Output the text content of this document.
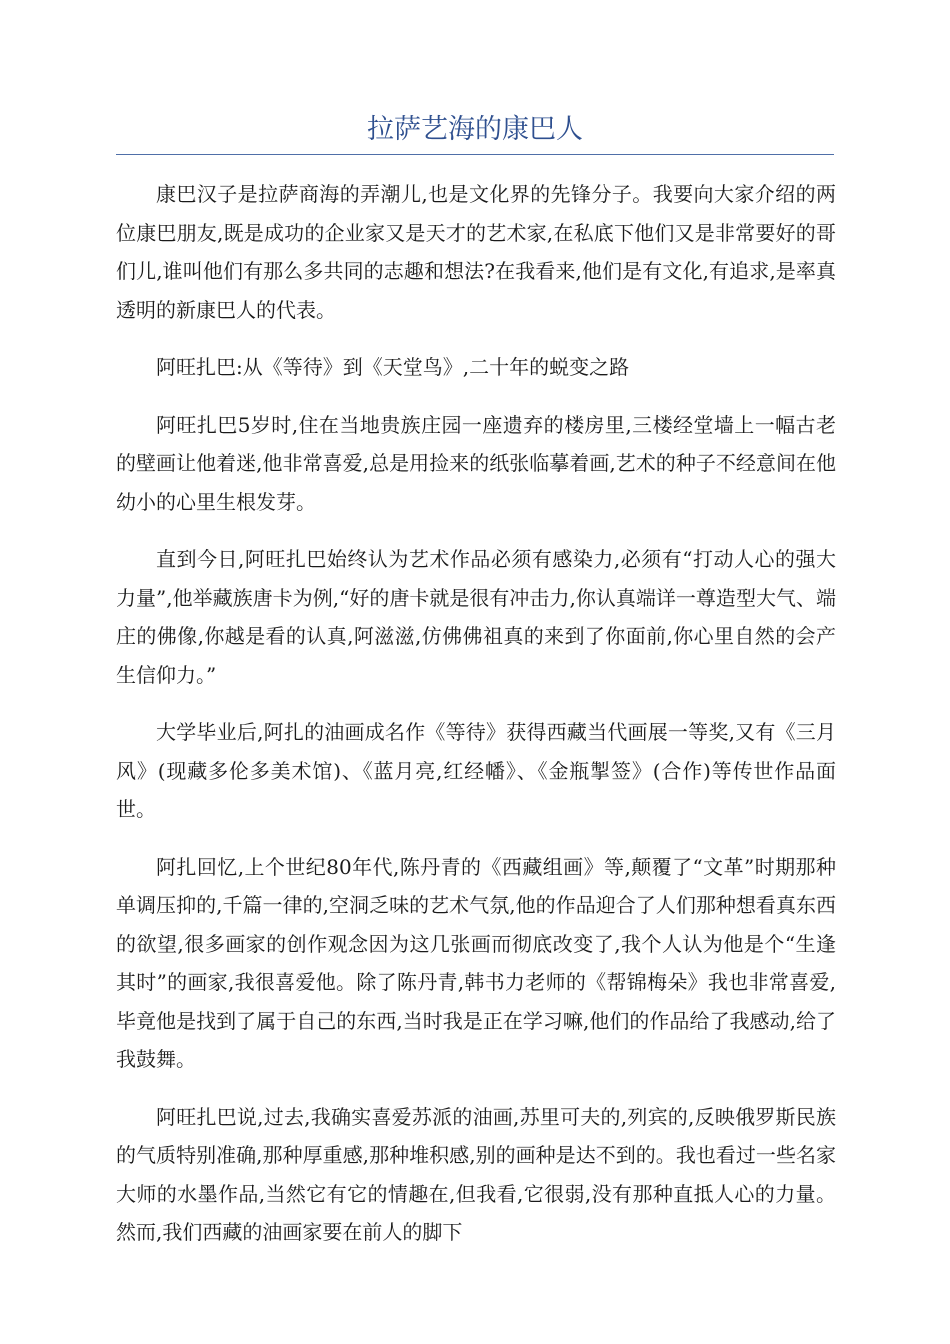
拉萨艺海的康巴人

康巴汉子是拉萨商海的弄潮儿,也是文化界的先锋分子。我要向大家介绍的两位康巴朋友,既是成功的企业家又是天才的艺术家,在私底下他们又是非常要好的哥们儿,谁叫他们有那么多共同的志趣和想法?在我看来,他们是有文化,有追求,是率真透明的新康巴人的代表。

阿旺扎巴:从《等待》到《天堂鸟》,二十年的蜕变之路

阿旺扎巴5岁时,住在当地贵族庄园一座遗弃的楼房里,三楼经堂墙上一幅古老的壁画让他着迷,他非常喜爱,总是用捡来的纸张临摹着画,艺术的种子不经意间在他幼小的心里生根发芽。

直到今日,阿旺扎巴始终认为艺术作品必须有感染力,必须有“打动人心的强大力量”,他举藏族唐卡为例,“好的唐卡就是很有冲击力,你认真端详一尊造型大气、端庄的佛像,你越是看的认真,阿滋滋,仿佛佛祖真的来到了你面前,你心里自然的会产生信仰力。”

大学毕业后,阿扎的油画成名作《等待》获得西藏当代画展一等奖,又有《三月风》(现藏多伦多美术馆)、《蓝月亮,红经幡》、《金瓶掣签》(合作)等传世作品面世。

阿扎回忆,上个世纪80年代,陈丹青的《西藏组画》等,颠覆了“文革”时期那种单调压抑的,千篇一律的,空洞乏味的艺术气氛,他的作品迎合了人们那种想看真东西的欲望,很多画家的创作观念因为这几张画而彻底改变了,我个人认为他是个“生逢其时”的画家,我很喜爱他。除了陈丹青,韩书力老师的《帮锦梅朵》我也非常喜爱,毕竟他是找到了属于自己的东西,当时我是正在学习嘛,他们的作品给了我感动,给了我鼓舞。

阿旺扎巴说,过去,我确实喜爱苏派的油画,苏里可夫的,列宾的,反映俄罗斯民族的气质特别准确,那种厚重感,那种堆积感,别的画种是达不到的。我也看过一些名家大师的水墨作品,当然它有它的情趣在,但我看,它很弱,没有那种直抵人心的力量。然而,我们西藏的油画家要在前人的脚下
